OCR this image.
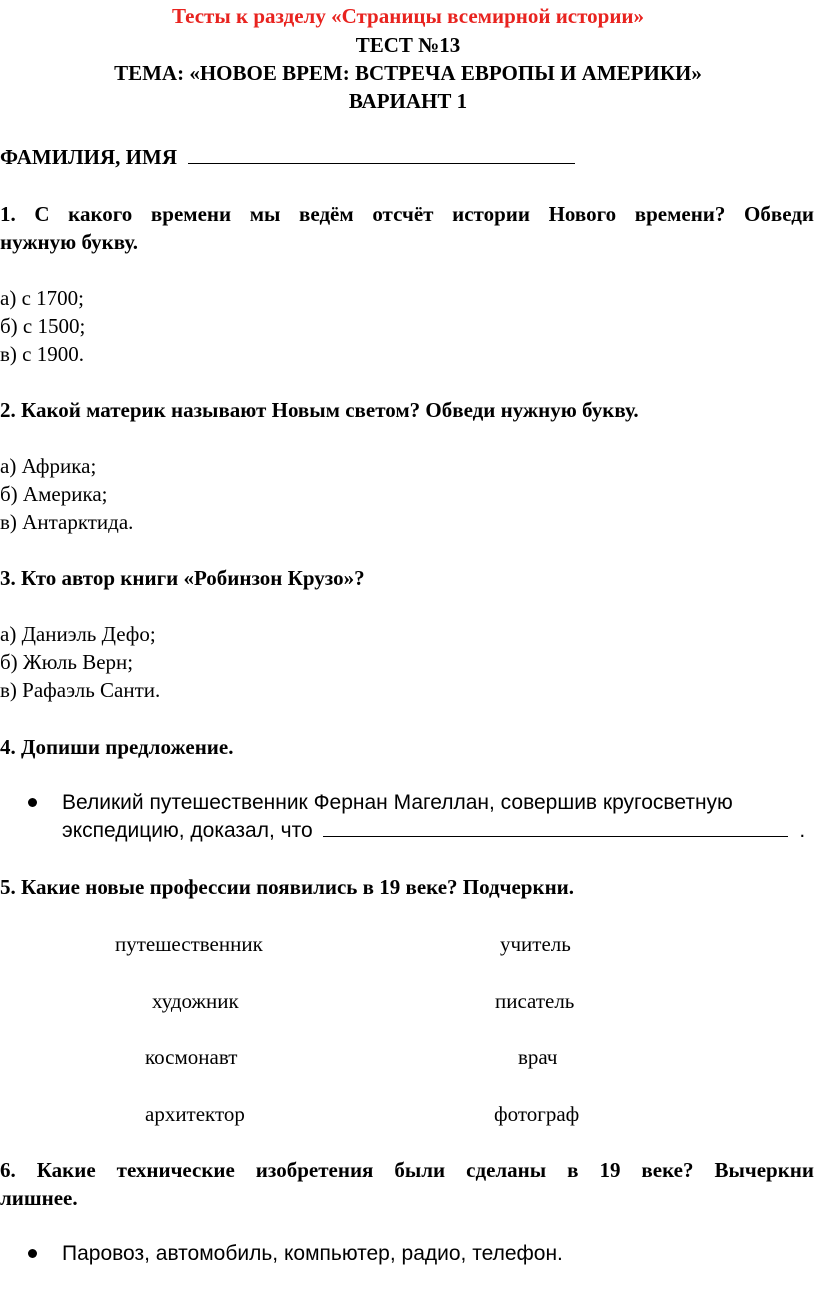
Тесты к разделу «Страницы всемирной истории»
ТЕСТ №13
ТЕМА: «НОВОЕ ВРЕМ: ВСТРЕЧА ЕВРОПЫ И АМЕРИКИ»
ВАРИАНТ 1
ФАМИЛИЯ, ИМЯ
1. С какого времени мы ведём отсчёт истории Нового времени? Обведи
нужную букву.
а) с 1700;
б) с 1500;
в) с 1900.
2. Какой материк называют Новым светом? Обведи нужную букву.
а) Африка;
б) Америка;
в) Антарктида.
3. Кто автор книги «Робинзон Крузо»?
а) Даниэль Дефо;
б) Жюль Верн;
в) Рафаэль Санти.
4. Допиши предложение.
Великий путешественник Фернан Магеллан, совершив кругосветную
экспедицию, доказал, что	.
5. Какие новые профессии появились в 19 веке? Подчеркни.
путешественник
художник
космонавт
архитектор
учитель
писатель
врач
фотограф
6. Какие технические изобретения были сделаны в 19 веке? Вычеркни
лишнее.
Паровоз, автомобиль, компьютер, радио, телефон.
